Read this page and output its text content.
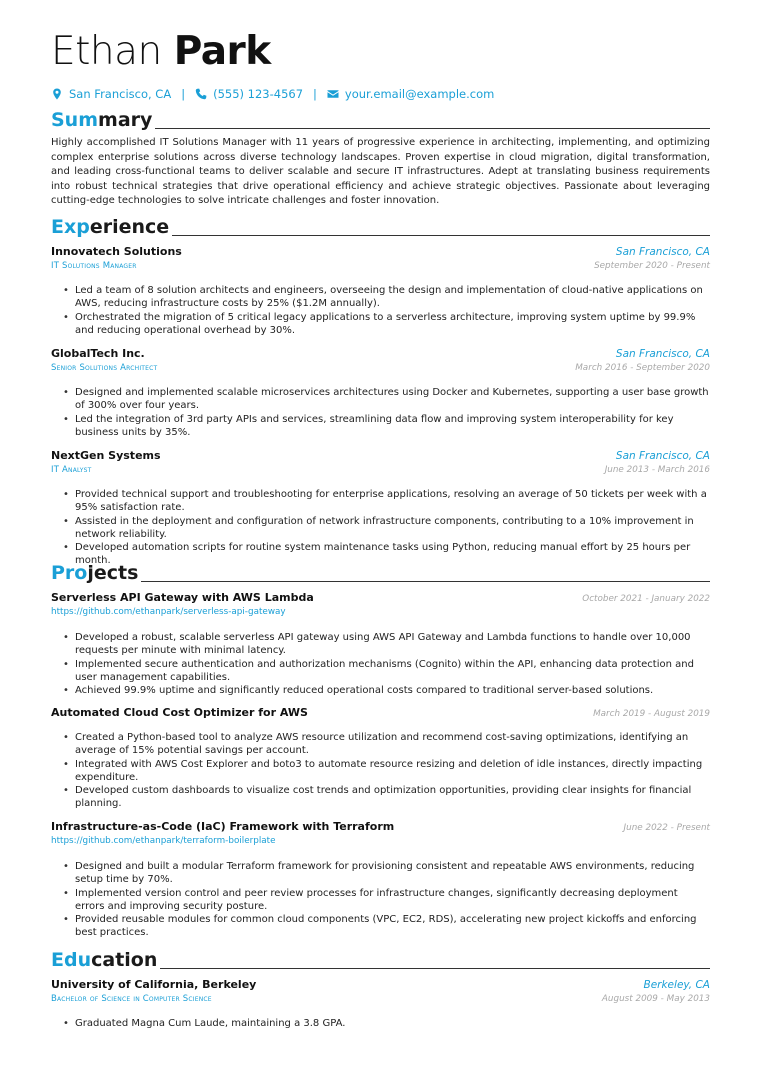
Ethan Park
San Francisco, CA | (555) 123-4567 | your.email@example.com
Summary

Highly accomplished IT Solutions Manager with 11 years of progressive experience in architecting, implementing, and optimizing complex enterprise solutions across diverse technology landscapes. Proven expertise in cloud migration, digital transformation, and leading cross-functional teams to deliver scalable and secure IT infrastructures. Adept at translating business requirements into robust technical strategies that drive operational efficiency and achieve strategic objectives. Passionate about leveraging cutting-edge technologies to solve intricate challenges and foster innovation.

Experience
Innovatech Solutions	San Francisco, CA
IT Solutions Manager	September 2020 - Present
• Led a team of 8 solution architects and engineers, overseeing the design and implementation of cloud-native applications on AWS, reducing infrastructure costs by 25% ($1.2M annually).
• Orchestrated the migration of 5 critical legacy applications to a serverless architecture, improving system uptime by 99.9% and reducing operational overhead by 30%.
GlobalTech Inc.	San Francisco, CA
Senior Solutions Architect	March 2016 - September 2020
• Designed and implemented scalable microservices architectures using Docker and Kubernetes, supporting a user base growth of 300% over four years.
• Led the integration of 3rd party APIs and services, streamlining data flow and improving system interoperability for key business units by 35%.
NextGen Systems	San Francisco, CA
IT Analyst	June 2013 - March 2016
• Provided technical support and troubleshooting for enterprise applications, resolving an average of 50 tickets per week with a 95% satisfaction rate.
• Assisted in the deployment and configuration of network infrastructure components, contributing to a 10% improvement in network reliability.
• Developed automation scripts for routine system maintenance tasks using Python, reducing manual effort by 25 hours per month.
Projects
Serverless API Gateway with AWS Lambda	October 2021 - January 2022
https://github.com/ethanpark/serverless-api-gateway
• Developed a robust, scalable serverless API gateway using AWS API Gateway and Lambda functions to handle over 10,000 requests per minute with minimal latency.
• Implemented secure authentication and authorization mechanisms (Cognito) within the API, enhancing data protection and user management capabilities.
• Achieved 99.9% uptime and significantly reduced operational costs compared to traditional server-based solutions.
Automated Cloud Cost Optimizer for AWS	March 2019 - August 2019
• Created a Python-based tool to analyze AWS resource utilization and recommend cost-saving optimizations, identifying an average of 15% potential savings per account.
• Integrated with AWS Cost Explorer and boto3 to automate resource resizing and deletion of idle instances, directly impacting expenditure.
• Developed custom dashboards to visualize cost trends and optimization opportunities, providing clear insights for financial planning.
Infrastructure-as-Code (IaC) Framework with Terraform	June 2022 - Present
https://github.com/ethanpark/terraform-boilerplate
• Designed and built a modular Terraform framework for provisioning consistent and repeatable AWS environments, reducing setup time by 70%.
• Implemented version control and peer review processes for infrastructure changes, significantly decreasing deployment errors and improving security posture.
• Provided reusable modules for common cloud components (VPC, EC2, RDS), accelerating new project kickoffs and enforcing best practices.
Education
University of California, Berkeley	Berkeley, CA
Bachelor of Science in Computer Science	August 2009 - May 2013
• Graduated Magna Cum Laude, maintaining a 3.8 GPA.
